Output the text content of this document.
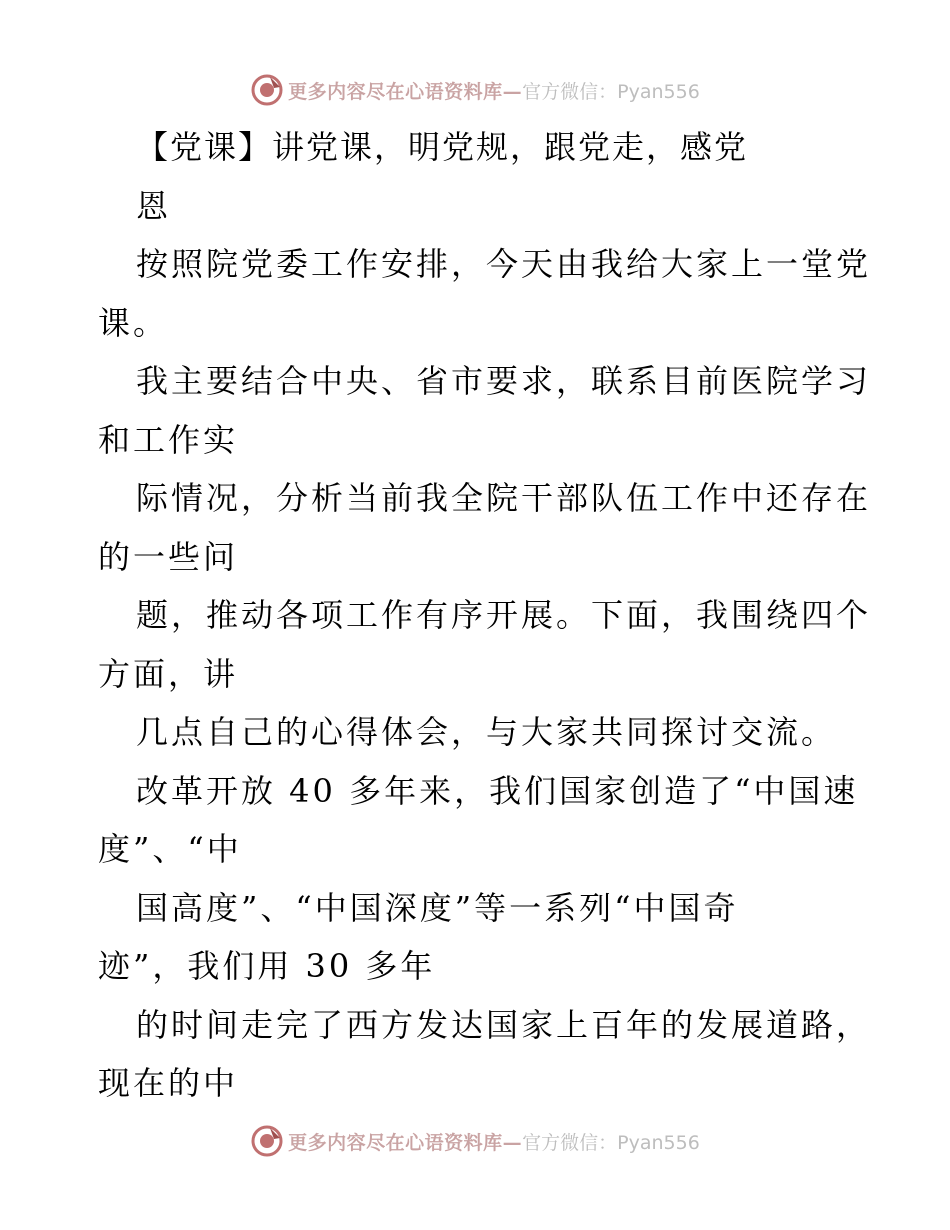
更多内容尽在心语资料库— 官方微信：Pyan556
【党课】讲党课，明党规，跟党走，感党
恩
按照院党委工作安排，今天由我给大家上一堂党
课。
我主要结合中央、省市要求，联系目前医院学习
和工作实
际情况，分析当前我全院干部队伍工作中还存在
的一些问
题，推动各项工作有序开展。下面，我围绕四个
方面，讲
几点自己的心得体会，与大家共同探讨交流。
改革开放 40 多年来，我们国家创造了“中国速
度”、“中
国高度”、“中国深度”等一系列“中国奇
迹”，我们用 30 多年
的时间走完了西方发达国家上百年的发展道路，
现在的中
更多内容尽在心语资料库— 官方微信：Pyan556
